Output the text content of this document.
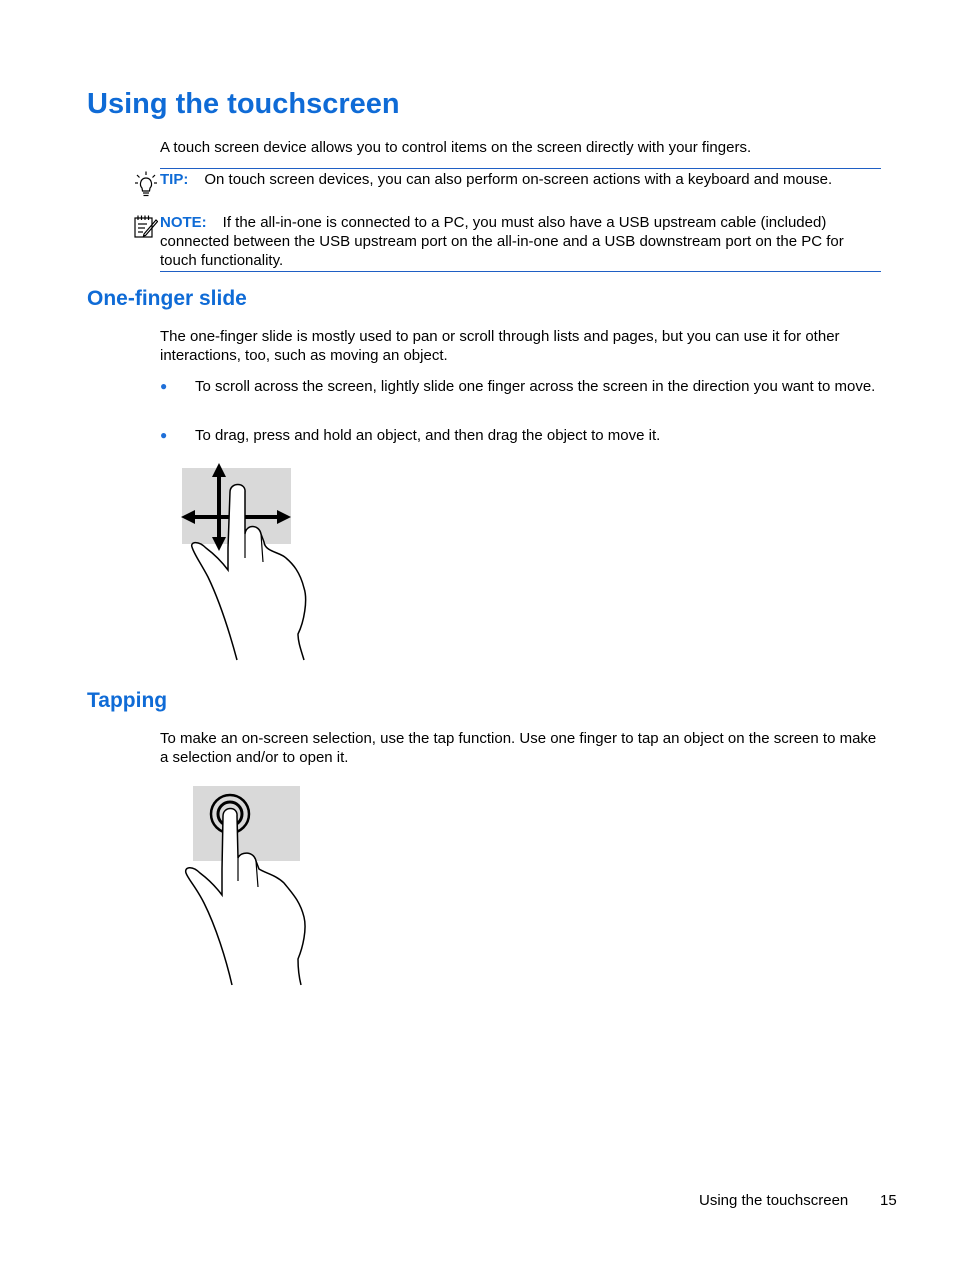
Using the touchscreen
A touch screen device allows you to control items on the screen directly with your fingers.
TIP: On touch screen devices, you can also perform on-screen actions with a keyboard and mouse.
NOTE: If the all-in-one is connected to a PC, you must also have a USB upstream cable (included) connected between the USB upstream port on the all-in-one and a USB downstream port on the PC for touch functionality.
One-finger slide
The one-finger slide is mostly used to pan or scroll through lists and pages, but you can use it for other interactions, too, such as moving an object.
● To scroll across the screen, lightly slide one finger across the screen in the direction you want to move.
● To drag, press and hold an object, and then drag the object to move it.
Tapping
To make an on-screen selection, use the tap function. Use one finger to tap an object on the screen to make a selection and/or to open it.
Using the touchscreen 15
